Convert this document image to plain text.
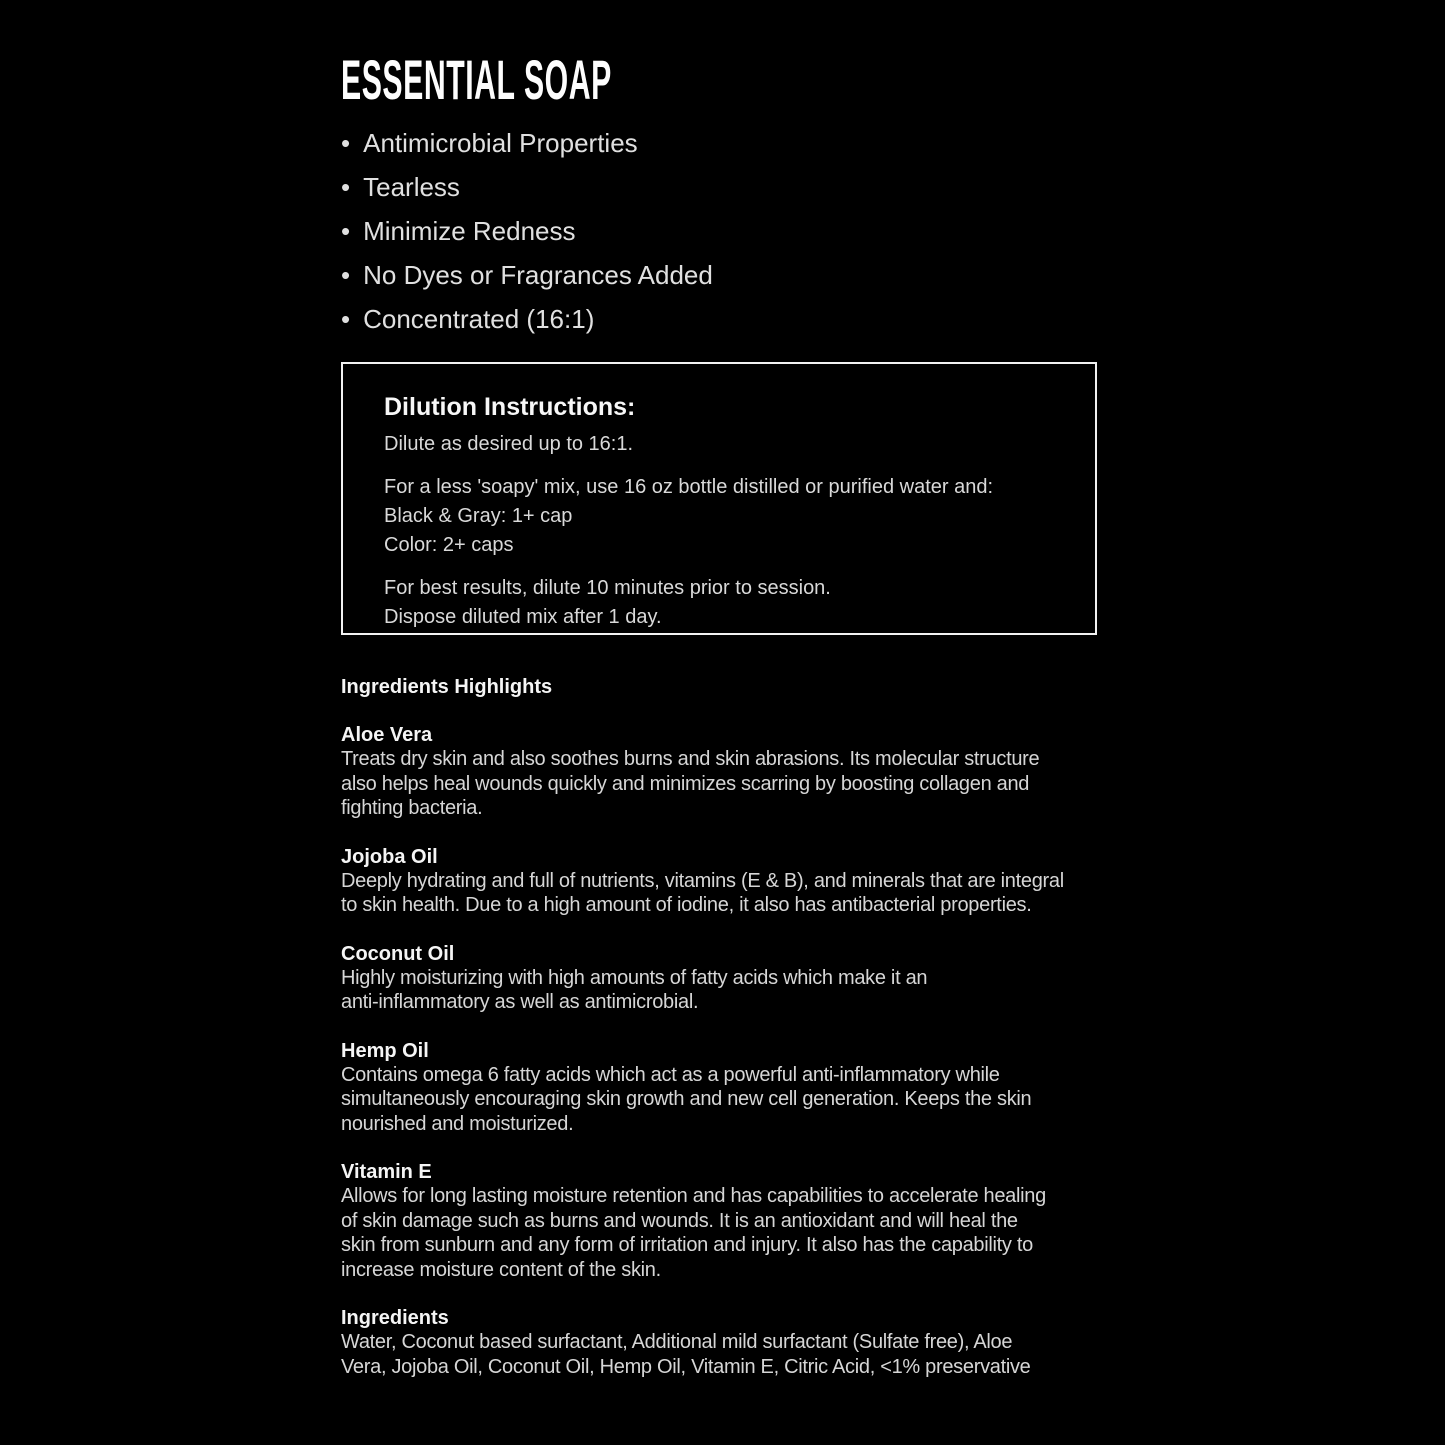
ESSENTIAL SOAP
• Antimicrobial Properties
• Tearless
• Minimize Redness
• No Dyes or Fragrances Added
• Concentrated (16:1)
Dilution Instructions:
Dilute as desired up to 16:1.
For a less 'soapy' mix, use 16 oz bottle distilled or purified water and:
Black & Gray: 1+ cap
Color: 2+ caps
For best results, dilute 10 minutes prior to session.
Dispose diluted mix after 1 day.
Ingredients Highlights
Aloe Vera
Treats dry skin and also soothes burns and skin abrasions. Its molecular structure
also helps heal wounds quickly and minimizes scarring by boosting collagen and
fighting bacteria.
Jojoba Oil
Deeply hydrating and full of nutrients, vitamins (E & B), and minerals that are integral
to skin health. Due to a high amount of iodine, it also has antibacterial properties.
Coconut Oil
Highly moisturizing with high amounts of fatty acids which make it an
anti-inflammatory as well as antimicrobial.
Hemp Oil
Contains omega 6 fatty acids which act as a powerful anti-inflammatory while
simultaneously encouraging skin growth and new cell generation. Keeps the skin
nourished and moisturized.
Vitamin E
Allows for long lasting moisture retention and has capabilities to accelerate healing
of skin damage such as burns and wounds. It is an antioxidant and will heal the
skin from sunburn and any form of irritation and injury. It also has the capability to
increase moisture content of the skin.
Ingredients
Water, Coconut based surfactant, Additional mild surfactant (Sulfate free), Aloe
Vera, Jojoba Oil, Coconut Oil, Hemp Oil, Vitamin E, Citric Acid, <1% preservative
